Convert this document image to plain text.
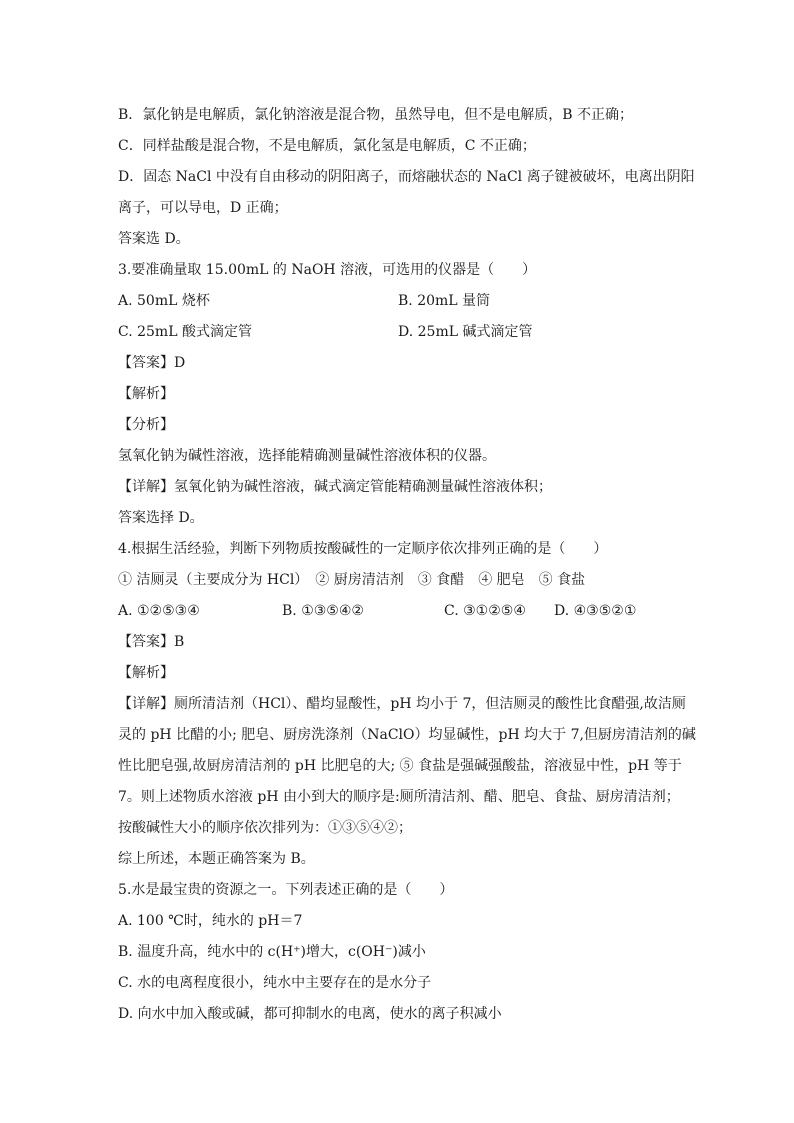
B．氯化钠是电解质，氯化钠溶液是混合物，虽然导电，但不是电解质，B 不正确；
C．同样盐酸是混合物，不是电解质，氯化氢是电解质，C 不正确；
D．固态 NaCl 中没有自由移动的阴阳离子，而熔融状态的 NaCl 离子键被破坏，电离出阴阳
离子，可以导电，D 正确；
答案选 D。
3.要准确量取 15.00mL 的 NaOH 溶液，可选用的仪器是（　　）
A. 50mL 烧杯	B. 20mL 量筒
C. 25mL 酸式滴定管	D. 25mL 碱式滴定管
【答案】D
【解析】
【分析】
氢氧化钠为碱性溶液，选择能精确测量碱性溶液体积的仪器。
【详解】氢氧化钠为碱性溶液，碱式滴定管能精确测量碱性溶液体积；
答案选择 D。
4.根据生活经验，判断下列物质按酸碱性的一定顺序依次排列正确的是（　　）
① 洁厕灵（主要成分为 HCl）　② 厨房清洁剂　③ 食醋　④ 肥皂　⑤ 食盐
A. ①②⑤③④	B. ①③⑤④②	C. ③①②⑤④ D. ④③⑤②①
【答案】B
【解析】
【详解】厕所清洁剂（HCl）、醋均显酸性，pH 均小于 7，但洁厕灵的酸性比食醋强,故洁厕
灵的 pH 比醋的小; 肥皂、厨房洗涤剂（NaClO）均显碱性，pH 均大于 7,但厨房清洁剂的碱
性比肥皂强,故厨房清洁剂的 pH 比肥皂的大; ⑤ 食盐是强碱强酸盐，溶液显中性，pH 等于
7。则上述物质水溶液 pH 由小到大的顺序是:厕所清洁剂、醋、肥皂、食盐、厨房清洁剂；
按酸碱性大小的顺序依次排列为：①③⑤④②；
综上所述，本题正确答案为 B。
5.水是最宝贵的资源之一。下列表述正确的是（　　）
A. 100 ℃时，纯水的 pH＝7
B. 温度升高，纯水中的 c(H⁺)增大，c(OH⁻)减小
C. 水的电离程度很小，纯水中主要存在的是水分子
D. 向水中加入酸或碱，都可抑制水的电离，使水的离子积减小
